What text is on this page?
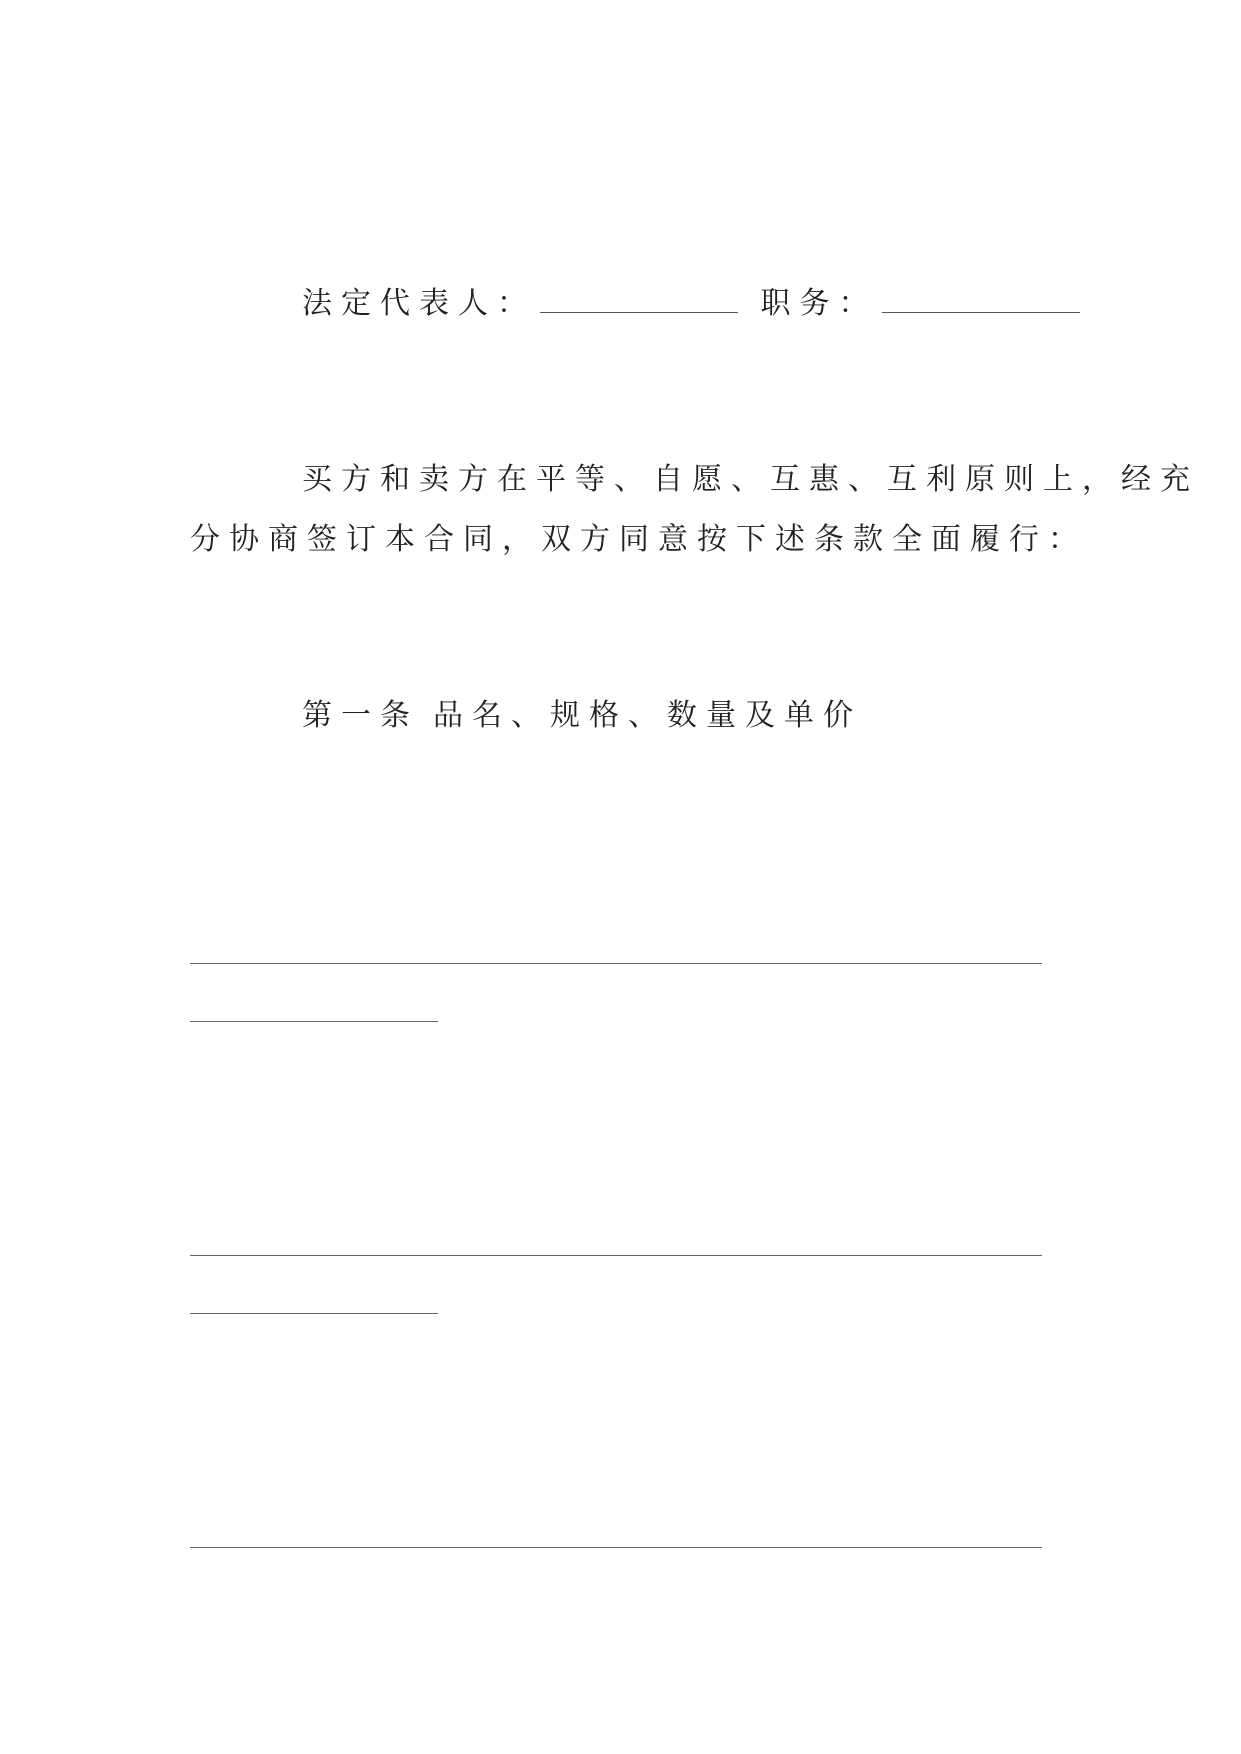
法定代表人：	职务：
买方和卖方在平等、自愿、互惠、互利原则上，经充
分协商签订本合同，双方同意按下述条款全面履行：
第一条 品名、规格、数量及单价
